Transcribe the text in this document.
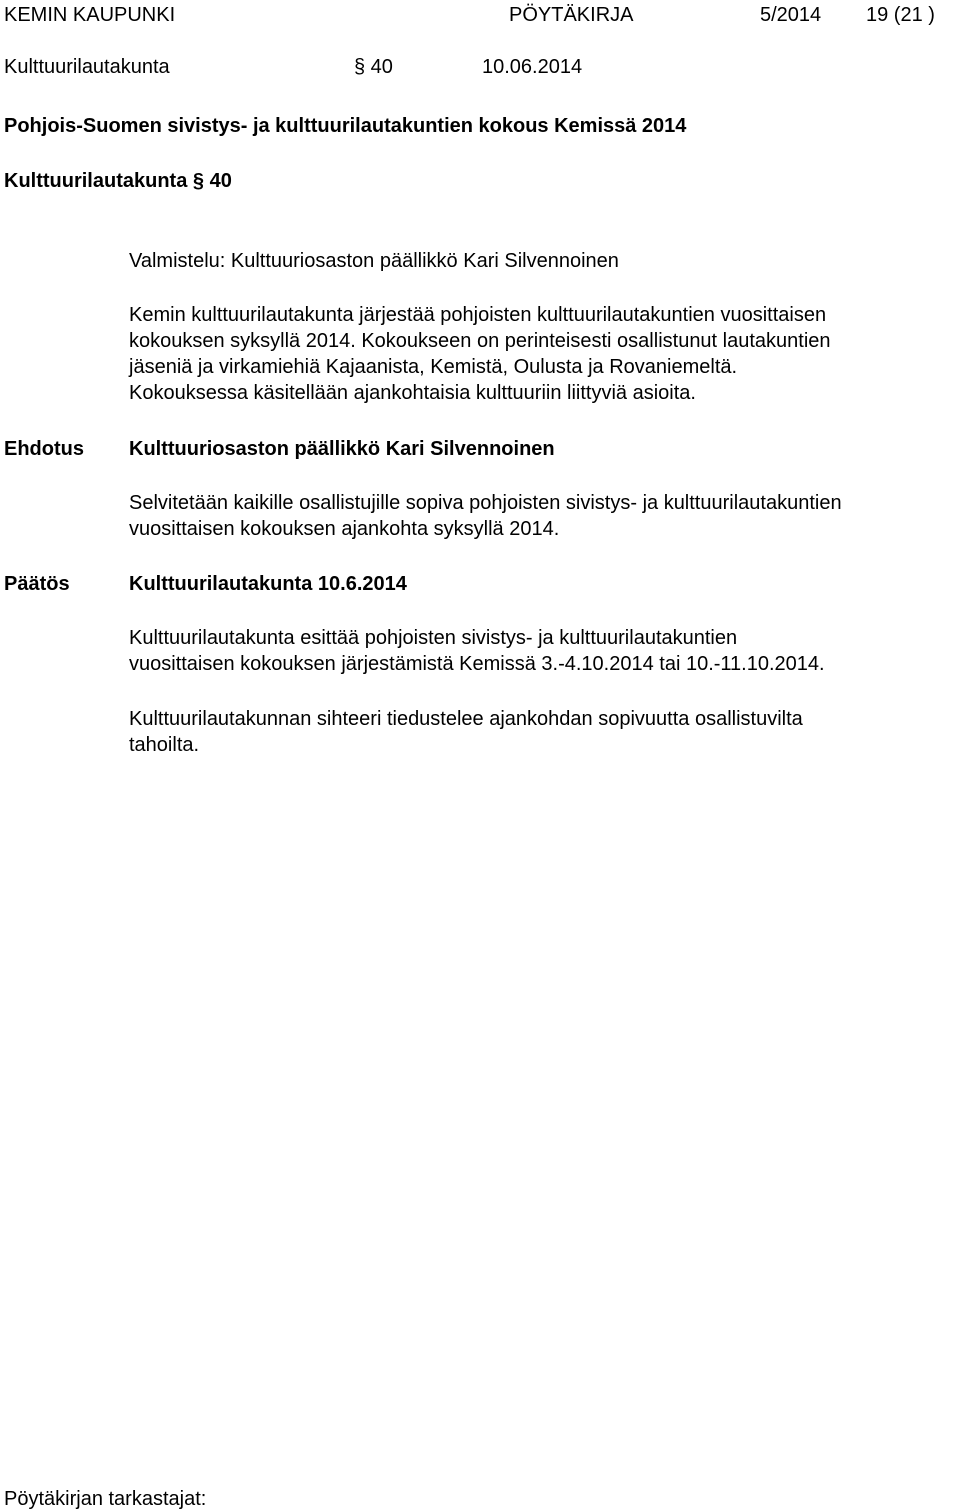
KEMIN KAUPUNKI	PÖYTÄKIRJA	5/2014 19 (21 )
Kulttuurilautakunta	§ 40	10.06.2014
Pohjois-Suomen sivistys- ja kulttuurilautakuntien kokous Kemissä 2014
Kulttuurilautakunta § 40
Valmistelu: Kulttuuriosaston päällikkö Kari Silvennoinen
Kemin kulttuurilautakunta järjestää pohjoisten kulttuurilautakuntien vuosittaisen
kokouksen syksyllä 2014. Kokoukseen on perinteisesti osallistunut lautakuntien
jäseniä ja virkamiehiä Kajaanista, Kemistä, Oulusta ja Rovaniemeltä.
Kokouksessa käsitellään ajankohtaisia kulttuuriin liittyviä asioita.
Ehdotus Kulttuuriosaston päällikkö Kari Silvennoinen
Selvitetään kaikille osallistujille sopiva pohjoisten sivistys- ja kulttuurilautakuntien
vuosittaisen kokouksen ajankohta syksyllä 2014.
Päätös	Kulttuurilautakunta 10.6.2014
Kulttuurilautakunta esittää pohjoisten sivistys- ja kulttuurilautakuntien
vuosittaisen kokouksen järjestämistä Kemissä 3.-4.10.2014 tai 10.-11.10.2014.
Kulttuurilautakunnan sihteeri tiedustelee ajankohdan sopivuutta osallistuvilta
tahoilta.
Pöytäkirjan tarkastajat:
